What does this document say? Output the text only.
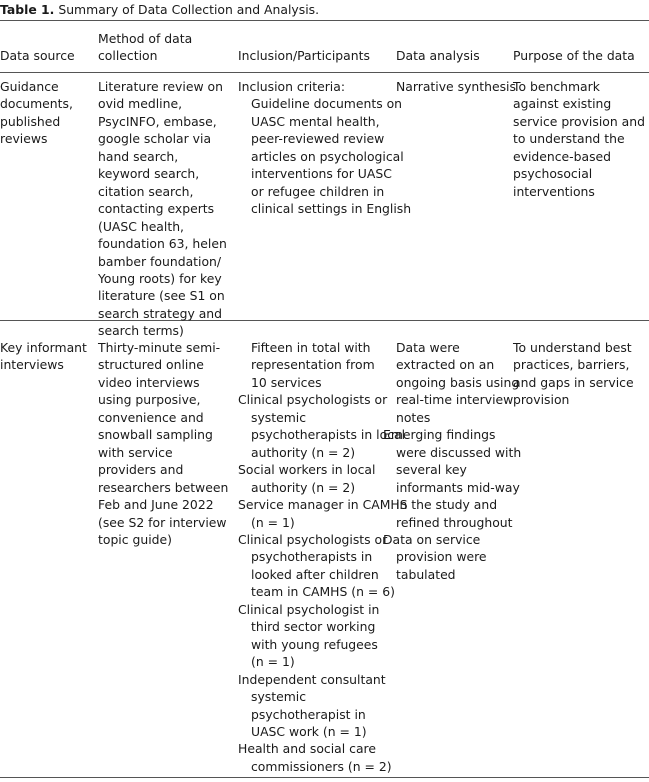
Table 1. Summary of Data Collection and Analysis.
Data source
Method of data
collection	Inclusion/Participants Data analysis	Purpose of the data
Guidance
documents,
published
reviews
Literature review on
ovid medline,
PsycINFO, embase,
google scholar via
hand search,
keyword search,
citation search,
contacting experts
(UASC health,
foundation 63, helen
bamber foundation/
Young roots) for key
literature (see S1 on
search strategy and
search terms)
To benchmark
against existing
service provision and
to understand the
evidence-based
psychosocial
interventions
Inclusion criteria:
Guideline documents on
UASC mental health,
peer-reviewed review
articles on psychological
interventions for UASC
or refugee children in
clinical settings in English
Narrative synthesis
Key informant
interviews
Thirty-minute semi-
structured online
video interviews
using purposive,
convenience and
snowball sampling
with service
providers and
researchers between
Feb and June 2022
(see S2 for interview
topic guide)
To understand best
practices, barriers,
and gaps in service
provision
Fifteen in total with
representation from
10 services
Clinical psychologists or
systemic
psychotherapists in local
authority (n = 2)
Social workers in local
authority (n = 2)
Service manager in CAMHS
(n = 1)
Clinical psychologists or
psychotherapists in
looked after children
team in CAMHS (n = 6)
Clinical psychologist in
third sector working
with young refugees
(n = 1)
Independent consultant
systemic
psychotherapist in
UASC work (n = 1)
Health and social care
commissioners (n = 2)
Data were
extracted on an
ongoing basis using
real-time interview
notes
Emerging findings
were discussed with
several key
informants mid-way
in the study and
refined throughout
Data on service
provision were
tabulated
